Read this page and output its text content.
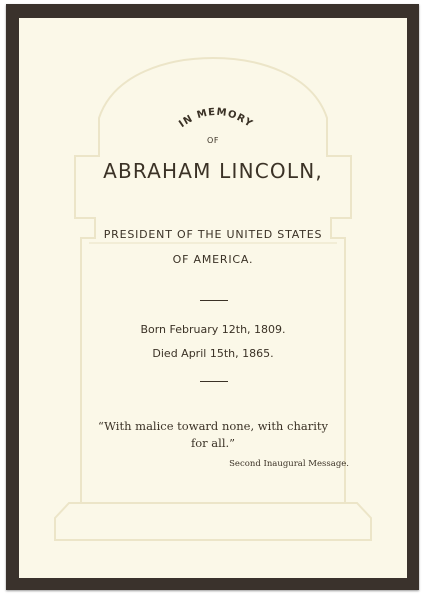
IN MEMORY
OF
ABRAHAM LINCOLN,
PRESIDENT OF THE UNITED STATES
OF AMERICA.
Born February 12th, 1809.
Died April 15th, 1865.
“With malice toward none, with charity
for all.”
Second Inaugural Message.
